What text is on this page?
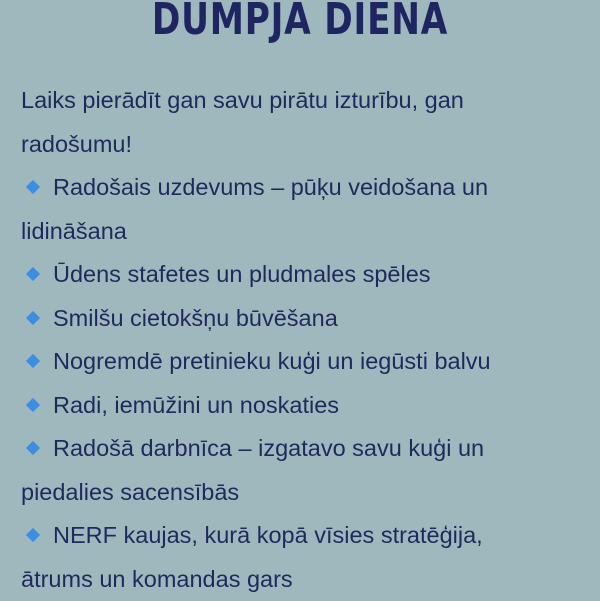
DUMPJA DIENA

Laiks pierādīt gan savu pirātu izturību, gan radošumu!

Radošais uzdevums – pūķu veidošana un lidināšana
Ūdens stafetes un pludmales spēles
Smilšu cietokšņu būvēšana
Nogremdē pretinieku kuģi un iegūsti balvu
Radi, iemūžini un noskaties
Radošā darbnīca – izgatavo savu kuģi un piedalies sacensībās
NERF kaujas, kurā kopā vīsies stratēģija, ātrums un komandas gars
